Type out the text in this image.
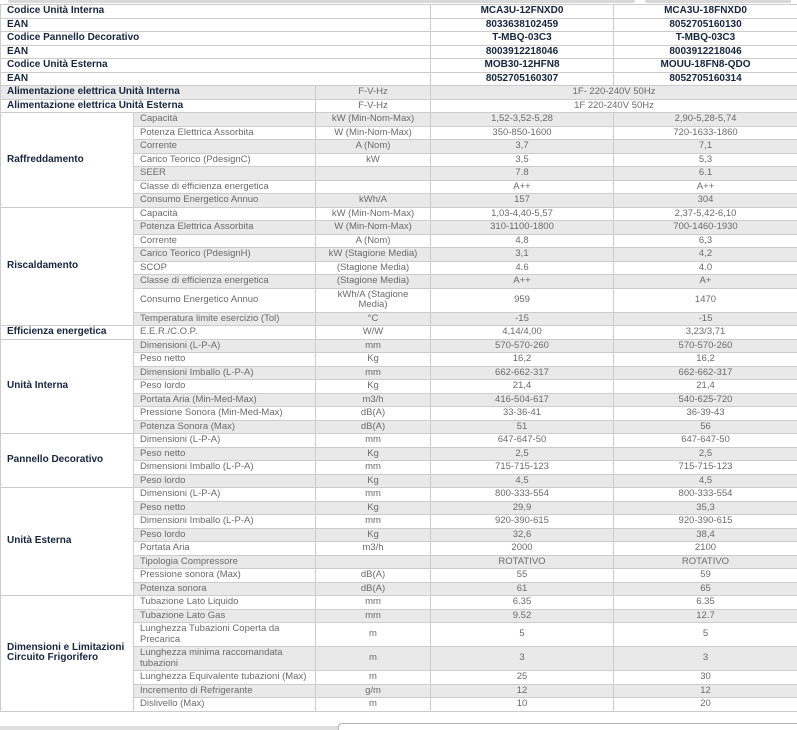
Codice Unità Interna			MCA3U-12FNXD0	MCA3U-18FNXD0
EAN			8033638102459	8052705160130
Codice Pannello Decorativo			T-MBQ-03C3	T-MBQ-03C3
EAN			8003912218046	8003912218046
Codice Unità Esterna			MOB30-12HFN8	MOUU-18FN8-QDO
EAN			8052705160307	8052705160314
Alimentazione elettrica Unità Interna		F-V-Hz	1F- 220-240V 50Hz	
Alimentazione elettrica Unità Esterna		F-V-Hz	1F 220-240V 50Hz	
Raffreddamento	Capacità	kW (Min-Nom-Max)	1,52-3,52-5,28	2,90-5,28-5,74
	Potenza Elettrica Assorbita	W (Min-Nom-Max)	350-850-1600	720-1633-1860
	Corrente	A (Nom)	3,7	7,1
	Carico Teorico (PdesignC)	kW	3,5	5,3
	SEER		7.8	6.1
	Classe di efficienza energetica		A++	A++
	Consumo Energetico Annuo	kWh/A	157	304
Riscaldamento	Capacità	kW (Min-Nom-Max)	1,03-4,40-5,57	2,37-5,42-6,10
	Potenza Elettrica Assorbita	W (Min-Nom-Max)	310-1100-1800	700-1460-1930
	Corrente	A (Nom)	4,8	6,3
	Carico Teorico (PdesignH)	kW (Stagione Media)	3,1	4,2
	SCOP	(Stagione Media)	4.6	4.0
	Classe di efficienza energetica	(Stagione Media)	A++	A+
	Consumo Energetico Annuo	kWh/A (Stagione Media)	959	1470
	Temperatura limite esercizio (Tol)	°C	-15	-15
Efficienza energetica	E.E.R./C.O.P.	W/W	4,14/4,00	3,23/3,71
Unità Interna	Dimensioni (L-P-A)	mm	570-570-260	570-570-260
	Peso netto	Kg	16,2	16,2
	Dimensioni Imballo (L-P-A)	mm	662-662-317	662-662-317
	Peso lordo	Kg	21,4	21,4
	Portata Aria (Min-Med-Max)	m3/h	416-504-617	540-625-720
	Pressione Sonora (Min-Med-Max)	dB(A)	33-36-41	36-39-43
	Potenza Sonora (Max)	dB(A)	51	56
Pannello Decorativo	Dimensioni (L-P-A)	mm	647-647-50	647-647-50
	Peso netto	Kg	2,5	2,5
	Dimensioni Imballo (L-P-A)	mm	715-715-123	715-715-123
	Peso lordo	Kg	4,5	4,5
Unità Esterna	Dimensioni (L-P-A)	mm	800-333-554	800-333-554
	Peso netto	Kg	29,9	35,3
	Dimensioni Imballo (L-P-A)	mm	920-390-615	920-390-615
	Peso lordo	Kg	32,6	38,4
	Portata Aria	m3/h	2000	2100
	Tipologia Compressore		ROTATIVO	ROTATIVO
	Pressione sonora (Max)	dB(A)	55	59
	Potenza sonora	dB(A)	61	65
Dimensioni e Limitazioni Circuito Frigorifero	Tubazione Lato Liquido	mm	6.35	6.35
	Tubazione Lato Gas	mm	9.52	12.7
	Lunghezza Tubazioni Coperta da Precarica	m	5	5
	Lunghezza minima raccomandata tubazioni	m	3	3
	Lunghezza Equivalente tubazioni (Max)	m	25	30
	Incremento di Refrigerante	g/m	12	12
	Dislivello (Max)	m	10	20
